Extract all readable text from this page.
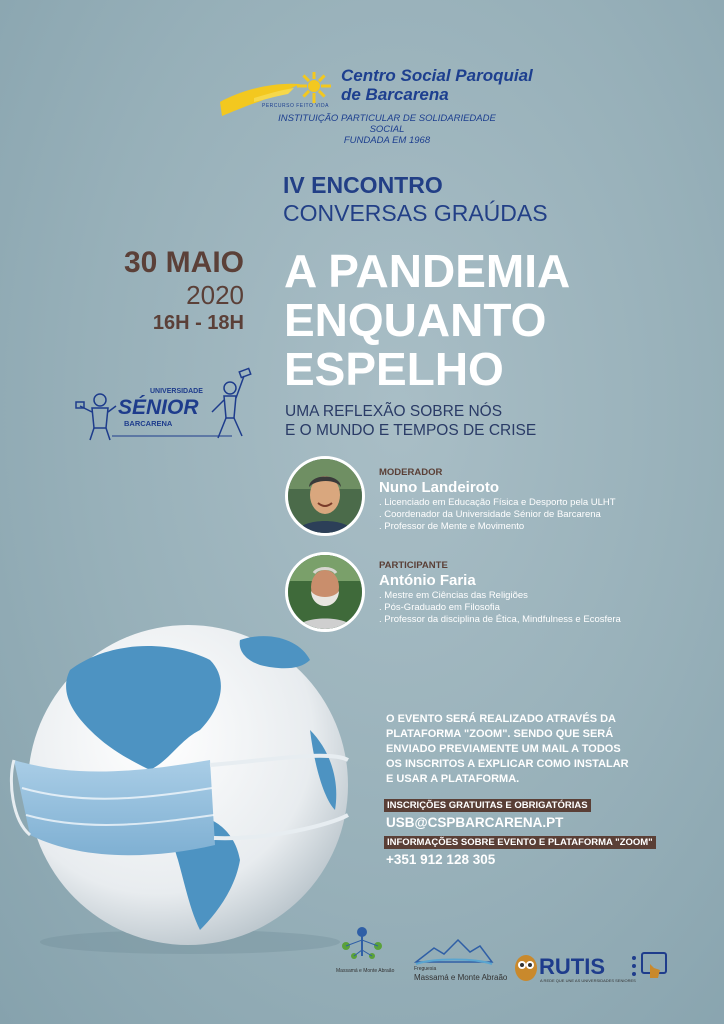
Centro Social Paroquial
de Barcarena
PERCURSO FEITO VIDA
INSTITUIÇÃO PARTICULAR DE SOLIDARIEDADE SOCIAL
FUNDADA EM 1968
IV ENCONTRO
CONVERSAS GRAÚDAS
30 MAIO
2020
16H - 18H
A PANDEMIA
ENQUANTO
ESPELHO
UMA REFLEXÃO SOBRE NÓS
E O MUNDO E TEMPOS DE CRISE
UNIVERSIDADE
SÉNIOR
BARCARENA
MODERADOR
Nuno Landeiroto
. Licenciado em Educação Física e Desporto pela ULHT
. Coordenador da Universidade Sénior de Barcarena
. Professor de Mente e Movimento
PARTICIPANTE
António Faria
. Mestre em Ciências das Religiões
. Pós-Graduado em Filosofia
. Professor da disciplina de Ética, Mindfulness e Ecosfera
O EVENTO SERÁ REALIZADO ATRAVÉS DA
PLATAFORMA "ZOOM". SENDO QUE SERÁ
ENVIADO PREVIAMENTE UM MAIL A TODOS
OS INSCRITOS A EXPLICAR COMO INSTALAR
E USAR A PLATAFORMA.
INSCRIÇÕES GRATUITAS E OBRIGATÓRIAS
USB@CSPBARCARENA.PT
INFORMAÇÕES SOBRE EVENTO E PLATAFORMA "ZOOM"
+351 912 128 305
Massamá e Monte Abraão	Freguesia
Massamá e Monte Abraão RUTIS
A REDE QUE UNE AS UNIVERSIDADES SENIORES
